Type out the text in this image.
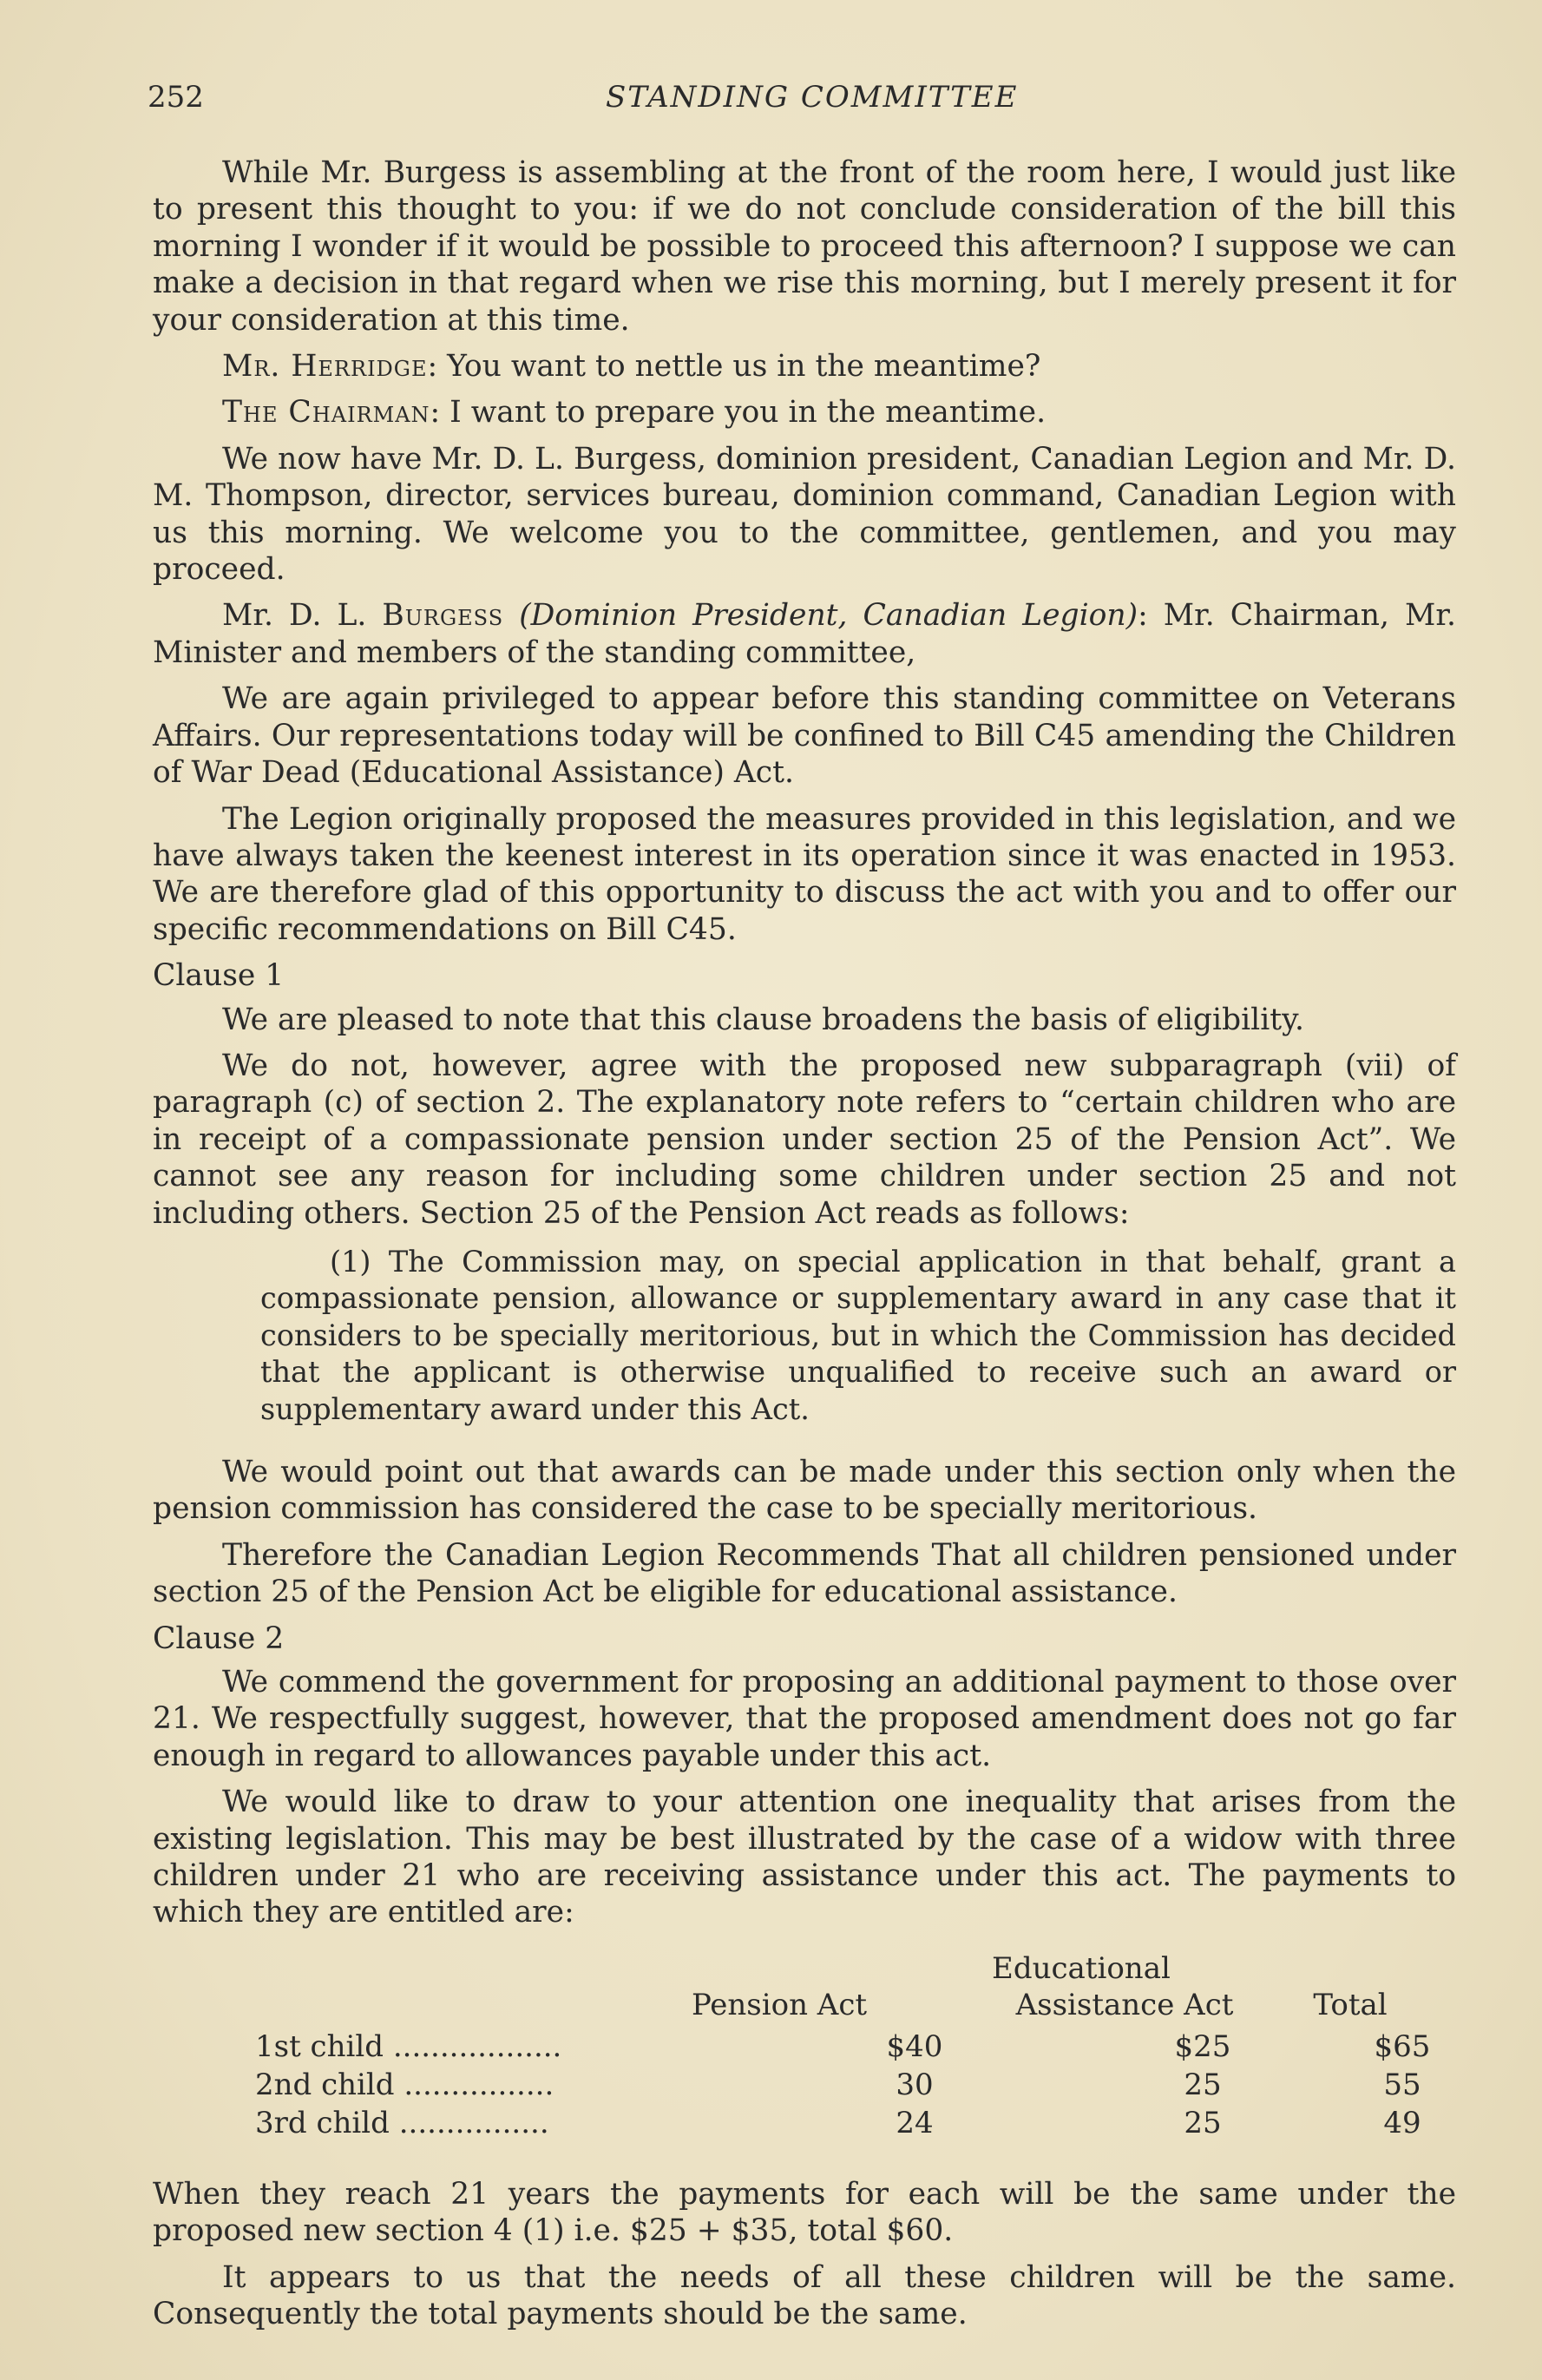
252	STANDING COMMITTEE

While Mr. Burgess is assembling at the front of the room here, I would just like to present this thought to you: if we do not conclude consideration of the bill this morning I wonder if it would be possible to proceed this afternoon? I suppose we can make a decision in that regard when we rise this morning, but I merely present it for your consideration at this time.

Mr. Herridge: You want to nettle us in the meantime?

The Chairman: I want to prepare you in the meantime.

We now have Mr. D. L. Burgess, dominion president, Canadian Legion and Mr. D. M. Thompson, director, services bureau, dominion command, Canadian Legion with us this morning. We welcome you to the committee, gentlemen, and you may proceed.

Mr. D. L. Burgess (Dominion President, Canadian Legion): Mr. Chairman, Mr. Minister and members of the standing committee,

We are again privileged to appear before this standing committee on Veterans Affairs. Our representations today will be confined to Bill C45 amending the Children of War Dead (Educational Assistance) Act.

The Legion originally proposed the measures provided in this legislation, and we have always taken the keenest interest in its operation since it was enacted in 1953. We are therefore glad of this opportunity to discuss the act with you and to offer our specific recommendations on Bill C45.

Clause 1

We are pleased to note that this clause broadens the basis of eligibility.

We do not, however, agree with the proposed new subparagraph (vii) of paragraph (c) of section 2. The explanatory note refers to “certain children who are in receipt of a compassionate pension under section 25 of the Pension Act”. We cannot see any reason for including some children under section 25 and not including others. Section 25 of the Pension Act reads as follows:

(1) The Commission may, on special application in that behalf, grant a compassionate pension, allowance or supplementary award in any case that it considers to be specially meritorious, but in which the Commission has decided that the applicant is otherwise unqualified to receive such an award or supplementary award under this Act.

We would point out that awards can be made under this section only when the pension commission has considered the case to be specially meritorious.

Therefore the Canadian Legion Recommends That all children pensioned under section 25 of the Pension Act be eligible for educational assistance.

Clause 2

We commend the government for proposing an additional payment to those over 21. We respectfully suggest, however, that the proposed amendment does not go far enough in regard to allowances payable under this act.

We would like to draw to your attention one inequality that arises from the existing legislation. This may be best illustrated by the case of a widow with three children under 21 who are receiving assistance under this act. The payments to which they are entitled are:

Educational
Pension Act	Assistance Act	Total
1st child ..................	$40	$25	$65
2nd child ................	30	25	55
3rd child ................	24	25	49

When they reach 21 years the payments for each will be the same under the proposed new section 4 (1) i.e. $25 + $35, total $60.

It appears to us that the needs of all these children will be the same. Consequently the total payments should be the same.
